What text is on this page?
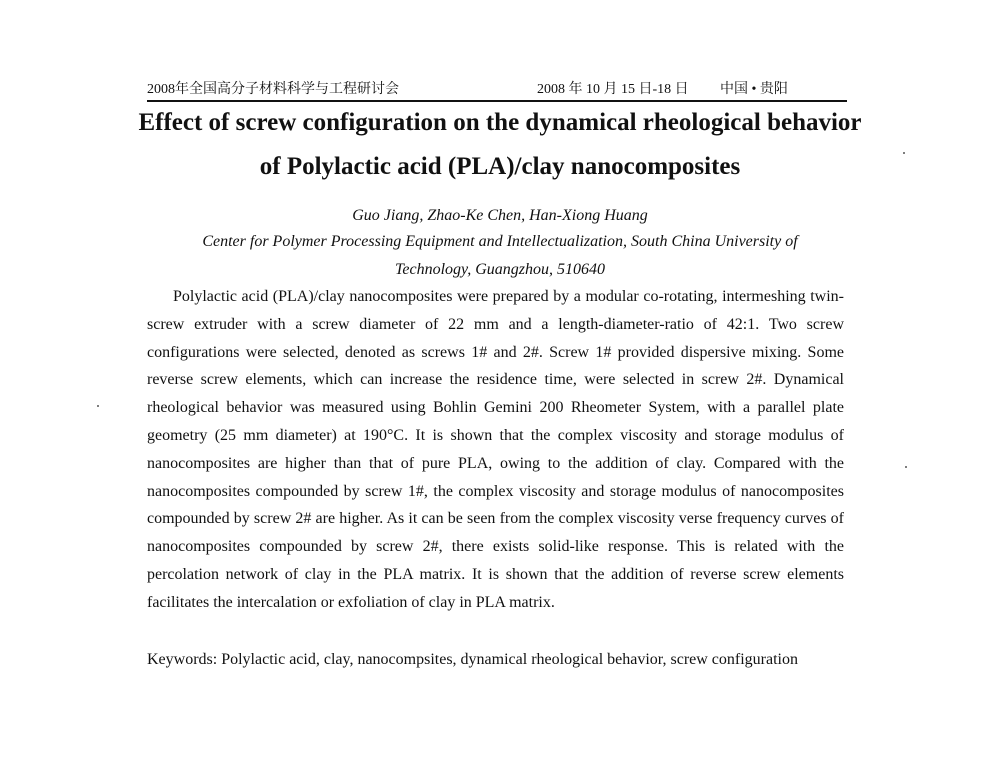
2008年全国高分子材料科学与工程研讨会	2008 年 10 月 15 日-18 日 中国 • 贵阳
Effect of screw configuration on the dynamical rheological behavior
of Polylactic acid (PLA)/clay nanocomposites
Guo Jiang, Zhao-Ke Chen, Han-Xiong Huang
Center for Polymer Processing Equipment and Intellectualization, South China University of
Technology, Guangzhou, 510640

Polylactic acid (PLA)/clay nanocomposites were prepared by a modular co-rotating, intermeshing twin-screw extruder with a screw diameter of 22 mm and a length-diameter-ratio of 42:1. Two screw configurations were selected, denoted as screws 1# and 2#. Screw 1# provided dispersive mixing. Some reverse screw elements, which can increase the residence time, were selected in screw 2#. Dynamical rheological behavior was measured using Bohlin Gemini 200 Rheometer System, with a parallel plate geometry (25 mm diameter) at 190°C. It is shown that the complex viscosity and storage modulus of nanocomposites are higher than that of pure PLA, owing to the addition of clay. Compared with the nanocomposites compounded by screw 1#, the complex viscosity and storage modulus of nanocomposites compounded by screw 2# are higher. As it can be seen from the complex viscosity verse frequency curves of nanocomposites compounded by screw 2#, there exists solid-like response. This is related with the percolation network of clay in the PLA matrix. It is shown that the addition of reverse screw elements facilitates the intercalation or exfoliation of clay in PLA matrix.

Keywords: Polylactic acid, clay, nanocompsites, dynamical rheological behavior, screw configuration
